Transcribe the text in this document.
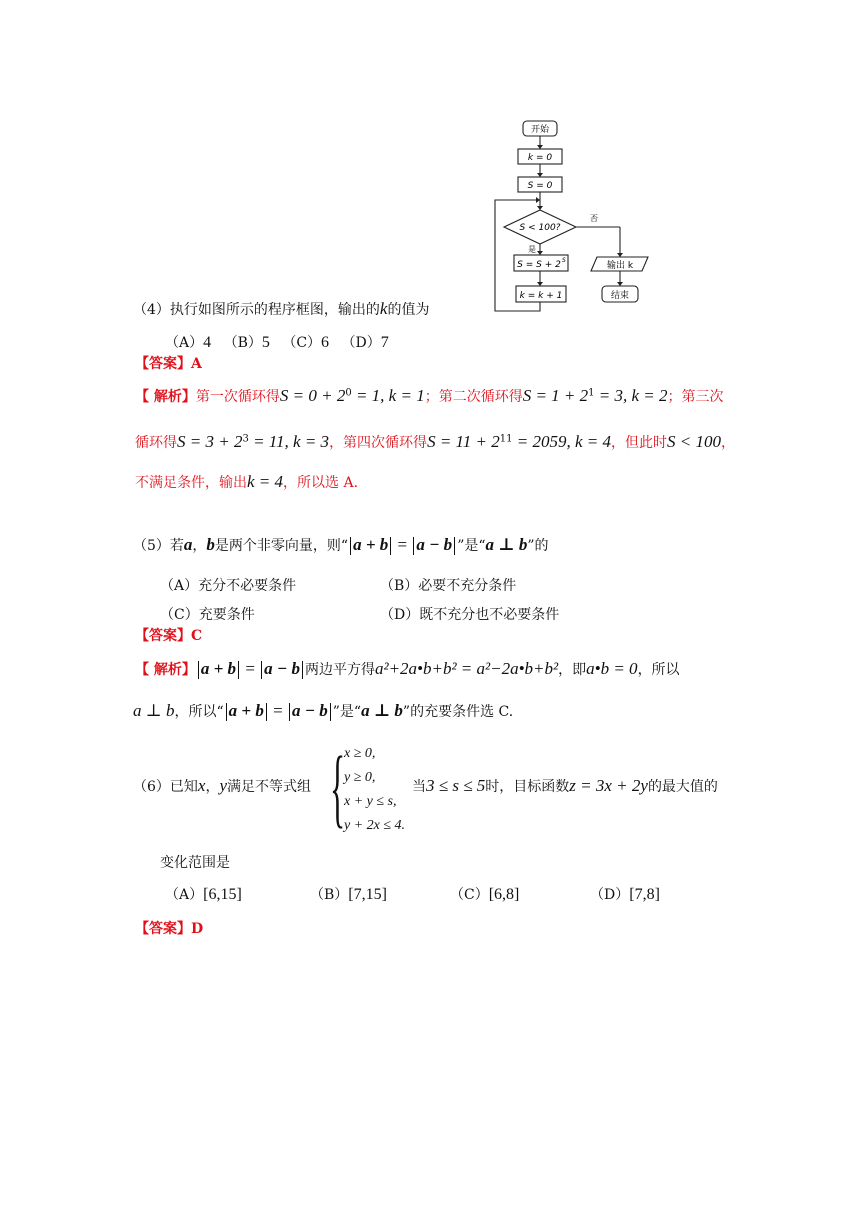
开始
k = 0
S = 0
S < 100?
否
是
S = S + 2 S
k = k + 1
输出 k
结束
（4）执行如图所示的程序框图，输出的k的值为
（A）4 （B）5 （C）6 （D）7
【答案】A
【 解析】第一次循环得$S = 0 + 2^0 = 1$, k = 1；第二次循环得$S = 1 + 2^1 = 3$, k = 2；第三次
循环得$S = 3 + 2^3 = 11$, k = 3，第四次循环得$S = 11 + 2^{11} = 2059$, k = 4，但此时S < 100，
不满足条件，输出k = 4，所以选 A.
（5）若a，b是两个非零向量，则“ a + b = a − b ”是“a ⊥ b”的
（A）充分不必要条件	（B）必要不充分条件
（C）充要条件	（D）既不充分也不必要条件
【答案】C
【 解析】 a + b = a − b 两边平方得a²+2a•b+b² = a²−2a•b+b²，即a•b = 0，所以
a ⊥ b，所以“ a + b = a − b ”是“a ⊥ b”的充要条件选 C.
（6）已知x，y满足不等式组 {
x ≥ 0,
y ≥ 0,
x + y ≤ s,
y + 2x ≤ 4.
当3 ≤ s ≤ 5时，目标函数z = 3x + 2y的最大值的
变化范围是
（A）[6,15]	（B）[7,15]	（C）[6,8]	（D）[7,8]
【答案】D
